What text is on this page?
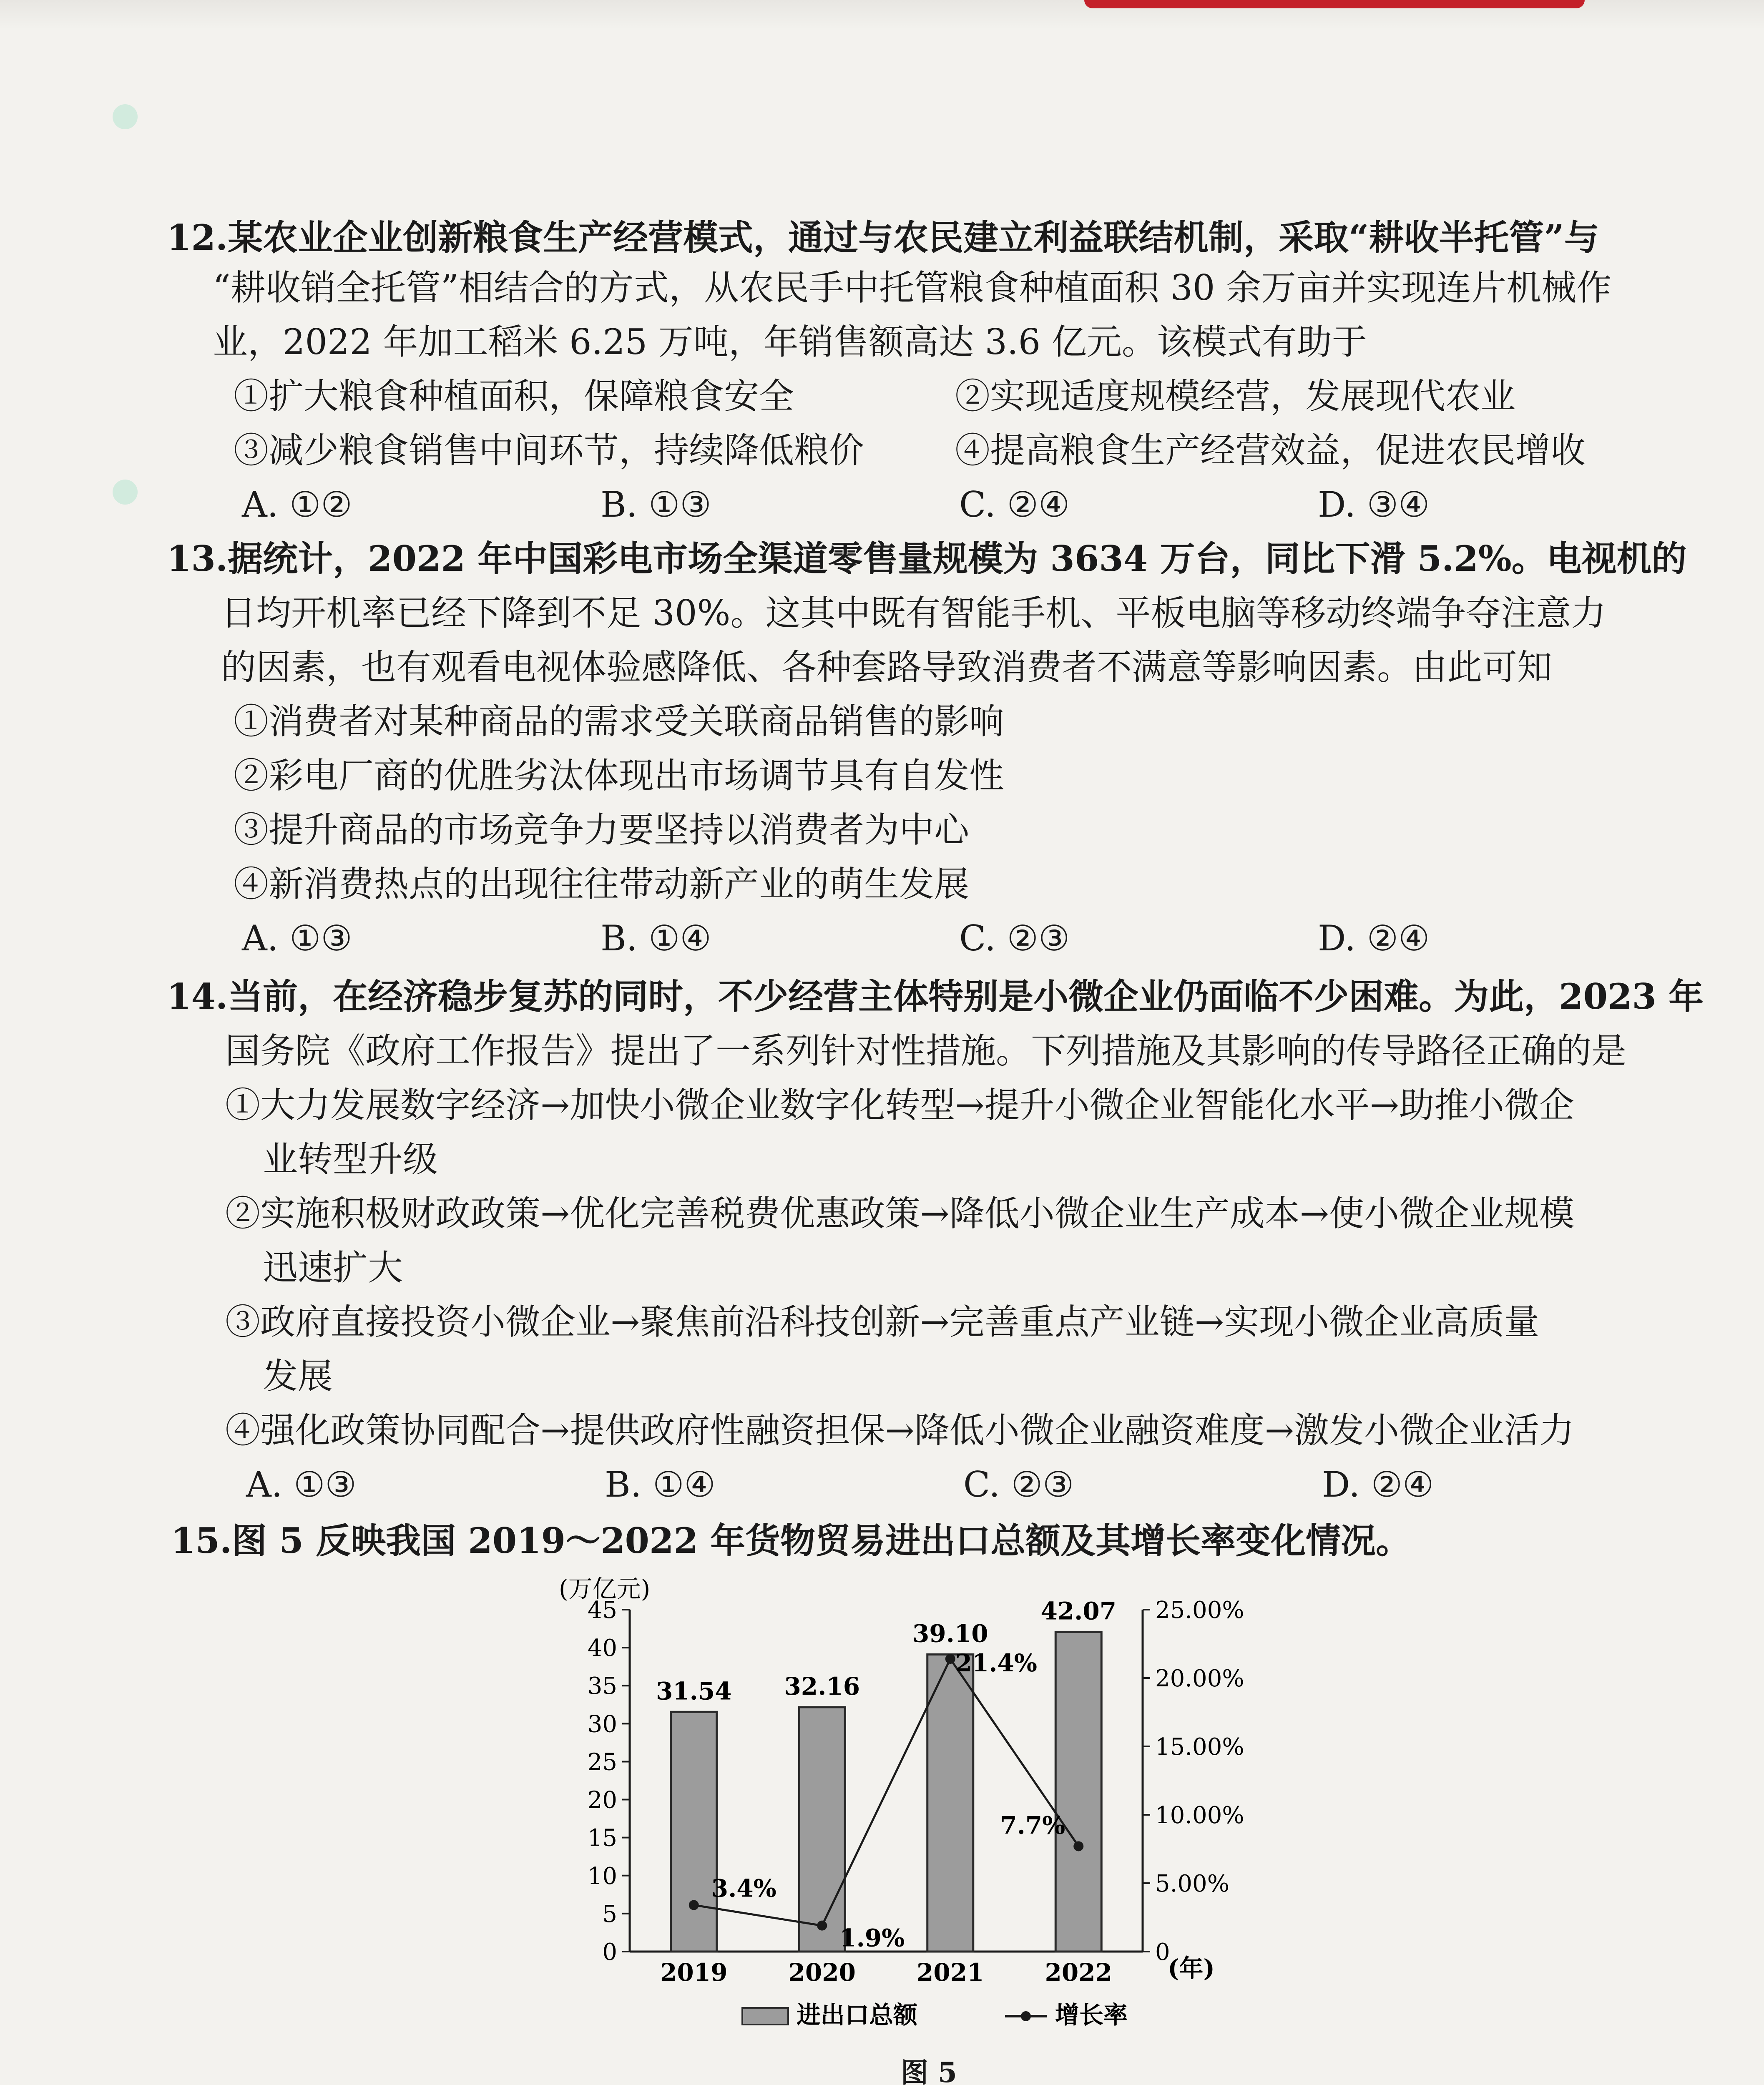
12.某农业企业创新粮食生产经营模式，通过与农民建立利益联结机制，采取“耕收半托管”与
“耕收销全托管”相结合的方式，从农民手中托管粮食种植面积 30 余万亩并实现连片机械作
业，2022 年加工稻米 6.25 万吨，年销售额高达 3.6 亿元。该模式有助于
①扩大粮食种植面积，保障粮食安全	②实现适度规模经营，发展现代农业
③减少粮食销售中间环节，持续降低粮价	④提高粮食生产经营效益，促进农民增收
A. ①②	B. ①③	C. ②④	D. ③④
13.据统计，2022 年中国彩电市场全渠道零售量规模为 3634 万台，同比下滑 5.2%。电视机的
日均开机率已经下降到不足 30%。这其中既有智能手机、平板电脑等移动终端争夺注意力
的因素，也有观看电视体验感降低、各种套路导致消费者不满意等影响因素。由此可知
①消费者对某种商品的需求受关联商品销售的影响
②彩电厂商的优胜劣汰体现出市场调节具有自发性
③提升商品的市场竞争力要坚持以消费者为中心
④新消费热点的出现往往带动新产业的萌生发展
A. ①③	B. ①④	C. ②③	D. ②④
14.当前，在经济稳步复苏的同时，不少经营主体特别是小微企业仍面临不少困难。为此，2023 年
国务院《政府工作报告》提出了一系列针对性措施。下列措施及其影响的传导路径正确的是
①大力发展数字经济→加快小微企业数字化转型→提升小微企业智能化水平→助推小微企
业转型升级
②实施积极财政政策→优化完善税费优惠政策→降低小微企业生产成本→使小微企业规模
迅速扩大
③政府直接投资小微企业→聚焦前沿科技创新→完善重点产业链→实现小微企业高质量
发展
④强化政策协同配合→提供政府性融资担保→降低小微企业融资难度→激发小微企业活力
A. ①③	B. ①④	C. ②③	D. ②④
15.图 5 反映我国 2019～2022 年货物贸易进出口总额及其增长率变化情况。
(万亿元)
0
5
10
15
20
25
30
35
40
45
0
5.00%
10.00%
15.00%
20.00%
25.00%
31.54
2019
32.16
2020
39.10
2021
42.07
2022
3.4%
1.9%
21.4%
7.7%
(年)
进出口总额	增长率
图 5
